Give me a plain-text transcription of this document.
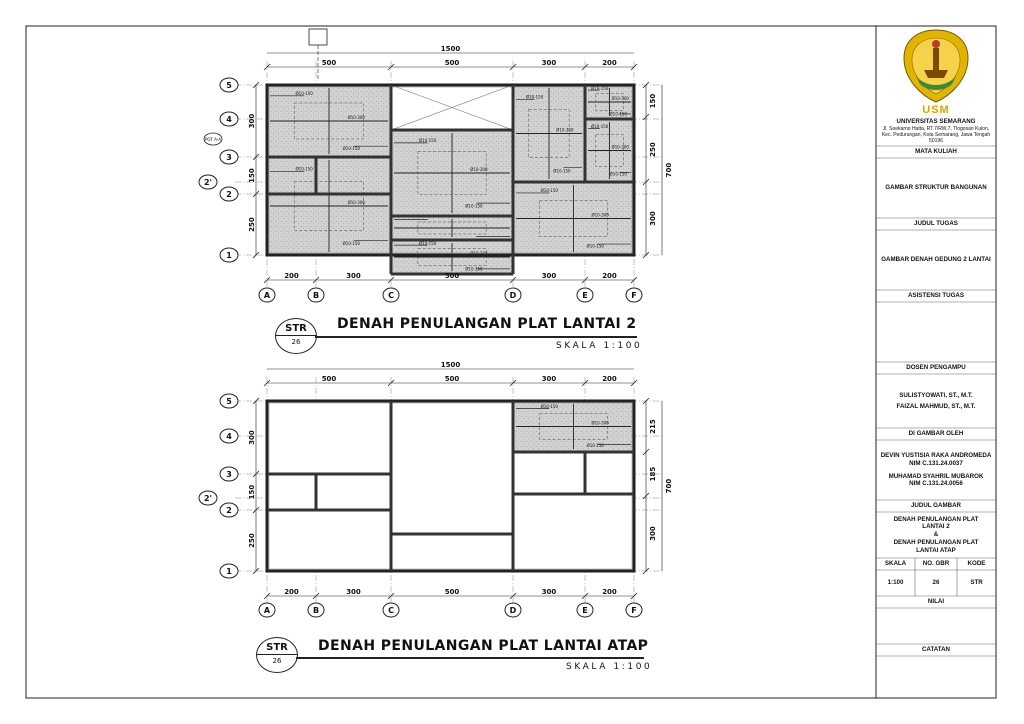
Ø10-150
Ø10-300
Ø10-150
Ø10-150
Ø10-300
Ø10-150
Ø10-150
Ø10-300
Ø10-150
Ø10-150
Ø10-300
Ø10-150
Ø10-150
Ø10-300
Ø10-150
Ø10-150
Ø10-300
Ø10-150
Ø10-150
Ø10-300
Ø10-150
Ø10-150
Ø10-300
Ø10-150
1500
500	500	300	200
200	300	500	300	200
300
150
250
150
250
300
700
5
4
3
2'
2
1
A	B	C	D	E	F
POT A-A
Ø10-150
Ø10-300
Ø10-150
1500
500	500	300	200
200	300	500	300	200
300
150
250
215
185
300
700
5
4
3
2'
2
1
A	B	C	D	E	F
STR
26
DENAH PENULANGAN PLAT LANTAI 2
SKALA 1:100
STR
26
DENAH PENULANGAN PLAT LANTAI ATAP
SKALA 1:100
USM
UNIVERSITAS SEMARANG
Jl. Soekarno Hatta, RT.7/RW.7, Tlogosari Kulon, Kec. Pedurungan, Kota Semarang, Jawa Tengah 50196
MATA KULIAH
GAMBAR STRUKTUR BANGUNAN
JUDUL TUGAS
GAMBAR DENAH GEDUNG 2 LANTAI
ASISTENSI TUGAS
DOSEN PENGAMPU
SULISTYOWATI, ST., M.T.
FAIZAL MAHMUD, ST., M.T.
DI GAMBAR OLEH
DEVIN YUSTISIA RAKA ANDROMEDA
NIM C.131.24.0037
MUHAMAD SYAHRIL MUBAROK
NIM C.131.24.0056
JUDUL GAMBAR
DENAH PENULANGAN PLAT LANTAI 2
&
DENAH PENULANGAN PLAT LANTAI ATAP
SKALA	NO. GBR	KODE
1:100	26	STR
NILAI
CATATAN
